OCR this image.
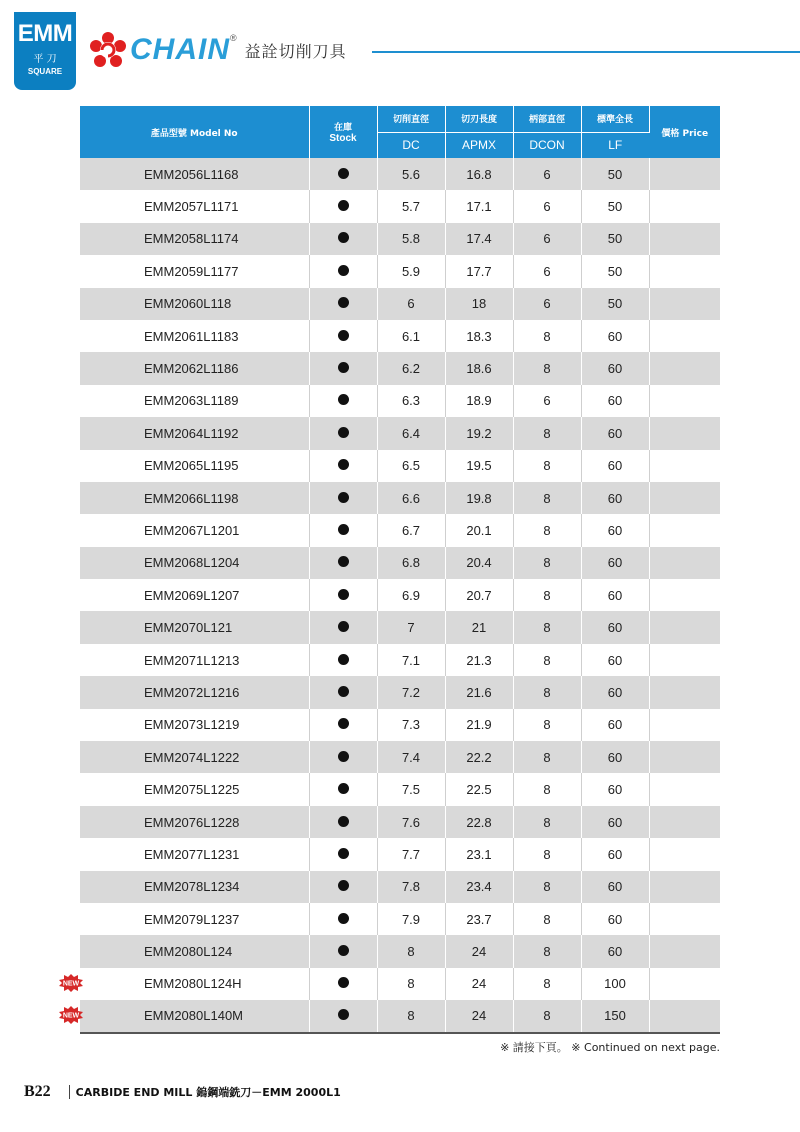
EMM
平 刀
SQUARE
CHAIN ®
益詮切削刀具
產品型號 Model No	在庫
Stock	切削直徑	切刃長度	柄部直徑	標準全長	價格 Price
		DC	APMX	DCON	LF	
EMM2056L1168		5.6	16.8	6	50	
EMM2057L1171		5.7	17.1	6	50	
EMM2058L1174		5.8	17.4	6	50	
EMM2059L1177		5.9	17.7	6	50	
EMM2060L118		6	18	6	50	
EMM2061L1183		6.1	18.3	8	60	
EMM2062L1186		6.2	18.6	8	60	
EMM2063L1189		6.3	18.9	6	60	
EMM2064L1192		6.4	19.2	8	60	
EMM2065L1195		6.5	19.5	8	60	
EMM2066L1198		6.6	19.8	8	60	
EMM2067L1201		6.7	20.1	8	60	
EMM2068L1204		6.8	20.4	8	60	
EMM2069L1207		6.9	20.7	8	60	
EMM2070L121		7	21	8	60	
EMM2071L1213		7.1	21.3	8	60	
EMM2072L1216		7.2	21.6	8	60	
EMM2073L1219		7.3	21.9	8	60	
EMM2074L1222		7.4	22.2	8	60	
EMM2075L1225		7.5	22.5	8	60	
EMM2076L1228		7.6	22.8	8	60	
EMM2077L1231		7.7	23.1	8	60	
EMM2078L1234		7.8	23.4	8	60	
EMM2079L1237		7.9	23.7	8	60	
EMM2080L124		8	24	8	60	

NEW EMM2080L124H		8	24	8	100	

NEW EMM2080L140M		8	24	8	150	
※ 請接下頁。 ※ Continued on next page.
B22 CARBIDE END MILL 鎢鋼端銑刀－EMM 2000L1
